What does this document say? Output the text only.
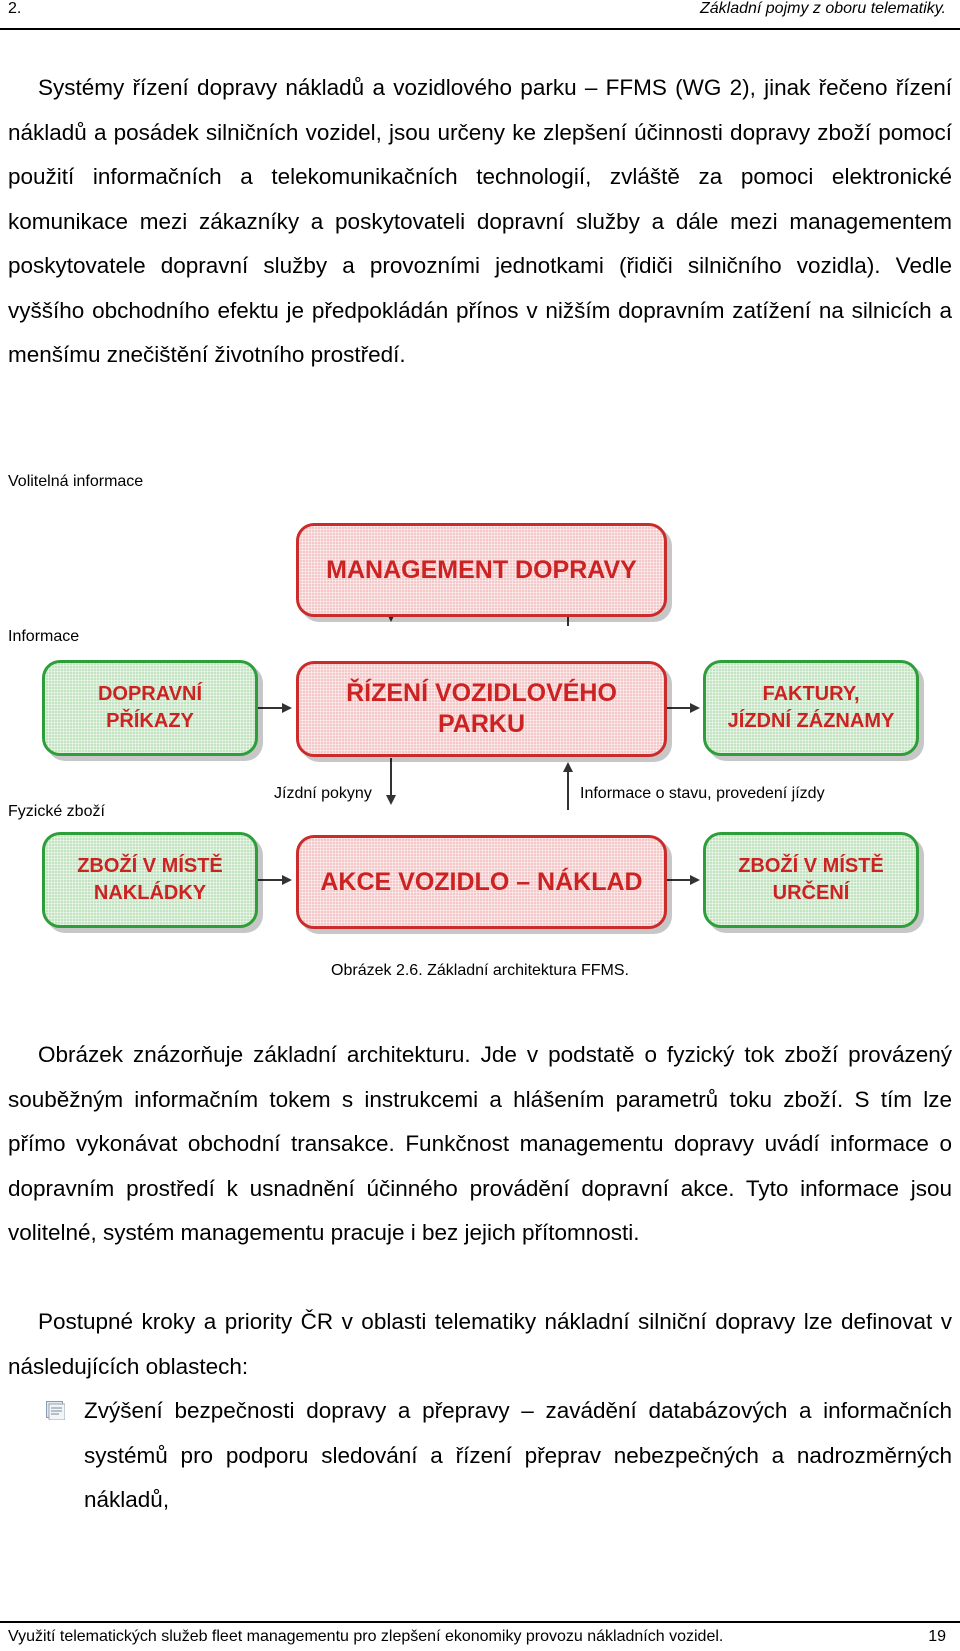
2.	Základní pojmy z oboru telematiky.
Systémy řízení dopravy nákladů a vozidlového parku – FFMS (WG 2), jinak řečeno řízení nákladů a posádek silničních vozidel, jsou určeny ke zlepšení účinnosti dopravy zboží pomocí použití informačních a telekomunikačních technologií, zvláště za pomoci elektronické komunikace mezi zákazníky a poskytovateli dopravní služby a dále mezi managementem poskytovatele dopravní služby a provozními jednotkami (řidiči silničního vozidla). Vedle vyššího obchodního efektu je předpokládán přínos v nižším dopravním zatížení na silnicích a menšímu znečištění životního prostředí.
Volitelná informace
Informace
Fyzické zboží
Jízdní pokyny	Informace o stavu, provedení jízdy
MANAGEMENT DOPRAVY
DOPRAVNÍ
PŘÍKAZY
ŘÍZENÍ VOZIDLOVÉHO
PARKU
FAKTURY,
JÍZDNÍ ZÁZNAMY
ZBOŽÍ V MÍSTĚ
NAKLÁDKY	AKCE VOZIDLO – NÁKLAD
ZBOŽÍ V MÍSTĚ
URČENÍ
Obrázek 2.6. Základní architektura FFMS.
Obrázek znázorňuje základní architekturu. Jde v podstatě o fyzický tok zboží provázený souběžným informačním tokem s instrukcemi a hlášením parametrů toku zboží. S tím lze přímo vykonávat obchodní transakce. Funkčnost managementu dopravy uvádí informace o dopravním prostředí k usnadnění účinného provádění dopravní akce. Tyto informace jsou volitelné, systém managementu pracuje i bez jejich přítomnosti.
Postupné kroky a priority ČR v oblasti telematiky nákladní silniční dopravy lze definovat v následujících oblastech:
Zvýšení bezpečnosti dopravy a přepravy – zavádění databázových a informačních systémů pro podporu sledování a řízení přeprav nebezpečných a nadrozměrných nákladů,
Využití telematických služeb fleet managementu pro zlepšení ekonomiky provozu nákladních vozidel.	19
